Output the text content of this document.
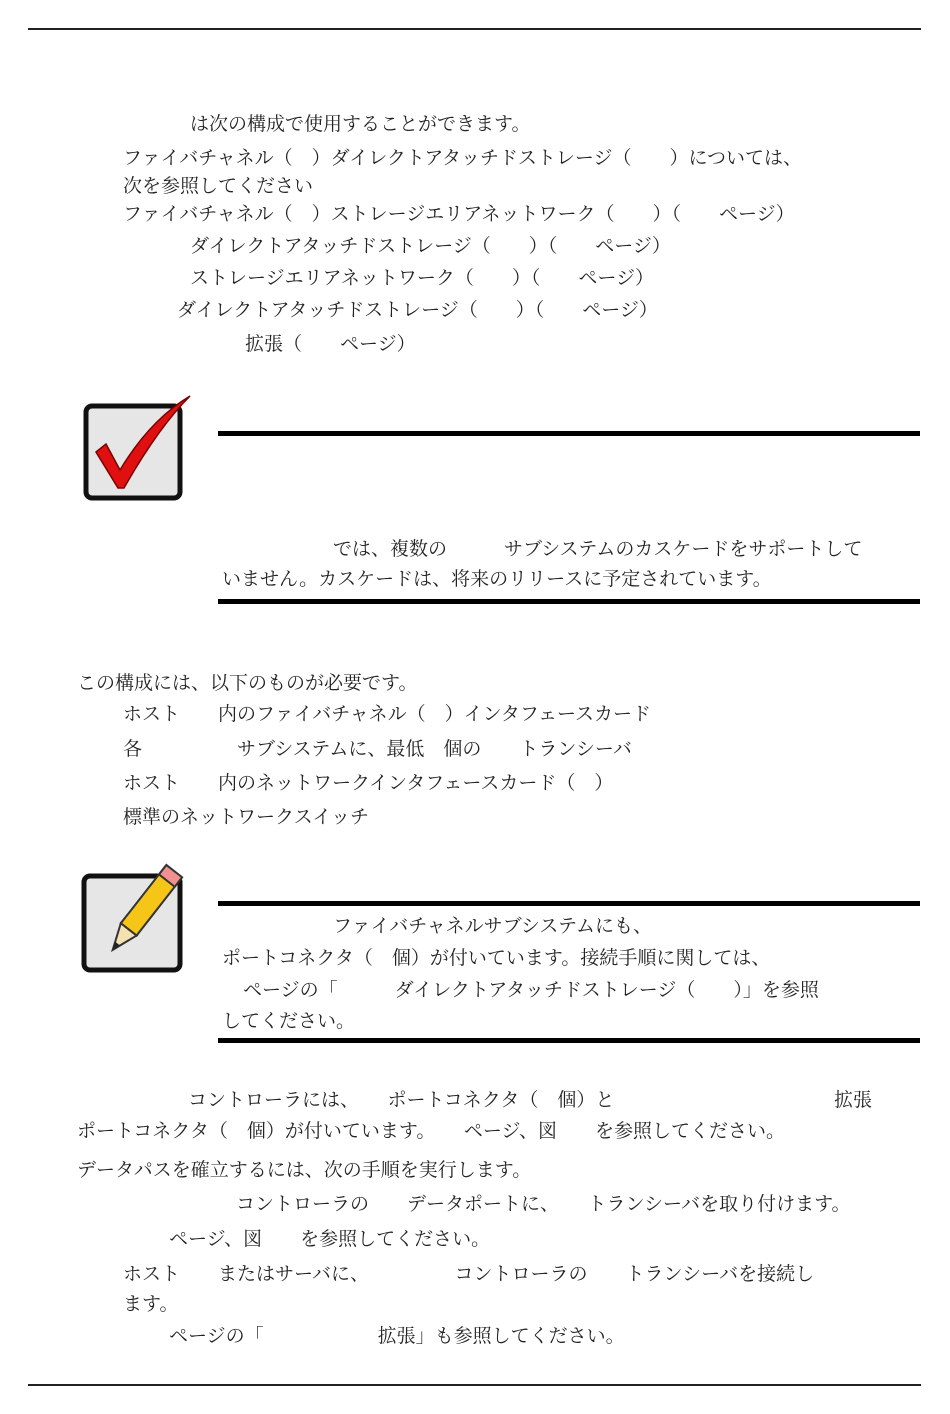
は次の構成で使用することができます。
ファイバチャネル（　）ダイレクトアタッチドストレージ（　　）については、
次を参照してください
ファイバチャネル（　）ストレージエリアネットワーク（　　）（　　ページ）
ダイレクトアタッチドストレージ（　　）（　　ページ）
ストレージエリアネットワーク（　　）（　　ページ）
ダイレクトアタッチドストレージ（　　）（　　ページ）
拡張（　　ページ）
では、複数の　　　サブシステムのカスケードをサポートして
いません。カスケードは、将来のリリースに予定されています。
この構成には、以下のものが必要です。
ホスト　　内のファイバチャネル（　）インタフェースカード
各　　　　　サブシステムに、最低　個の　　トランシーバ
ホスト　　内のネットワークインタフェースカード（　）
標準のネットワークスイッチ
ファイバチャネルサブシステムにも、
ポートコネクタ（　個）が付いています。接続手順に関しては、
ページの「　　　ダイレクトアタッチドストレージ（　　）」を参照
してください。
コントローラには、　　ポートコネクタ（　個）と	拡張
ポートコネクタ（　個）が付いています。　　ページ、図　　を参照してください。
データパスを確立するには、次の手順を実行します。
コントローラの　　データポートに、　　トランシーバを取り付けます。
ページ、図　　を参照してください。
ホスト　　またはサーバに、　　　　　コントローラの　　トランシーバを接続し
ます。
ページの「　　　　　　拡張」も参照してください。
